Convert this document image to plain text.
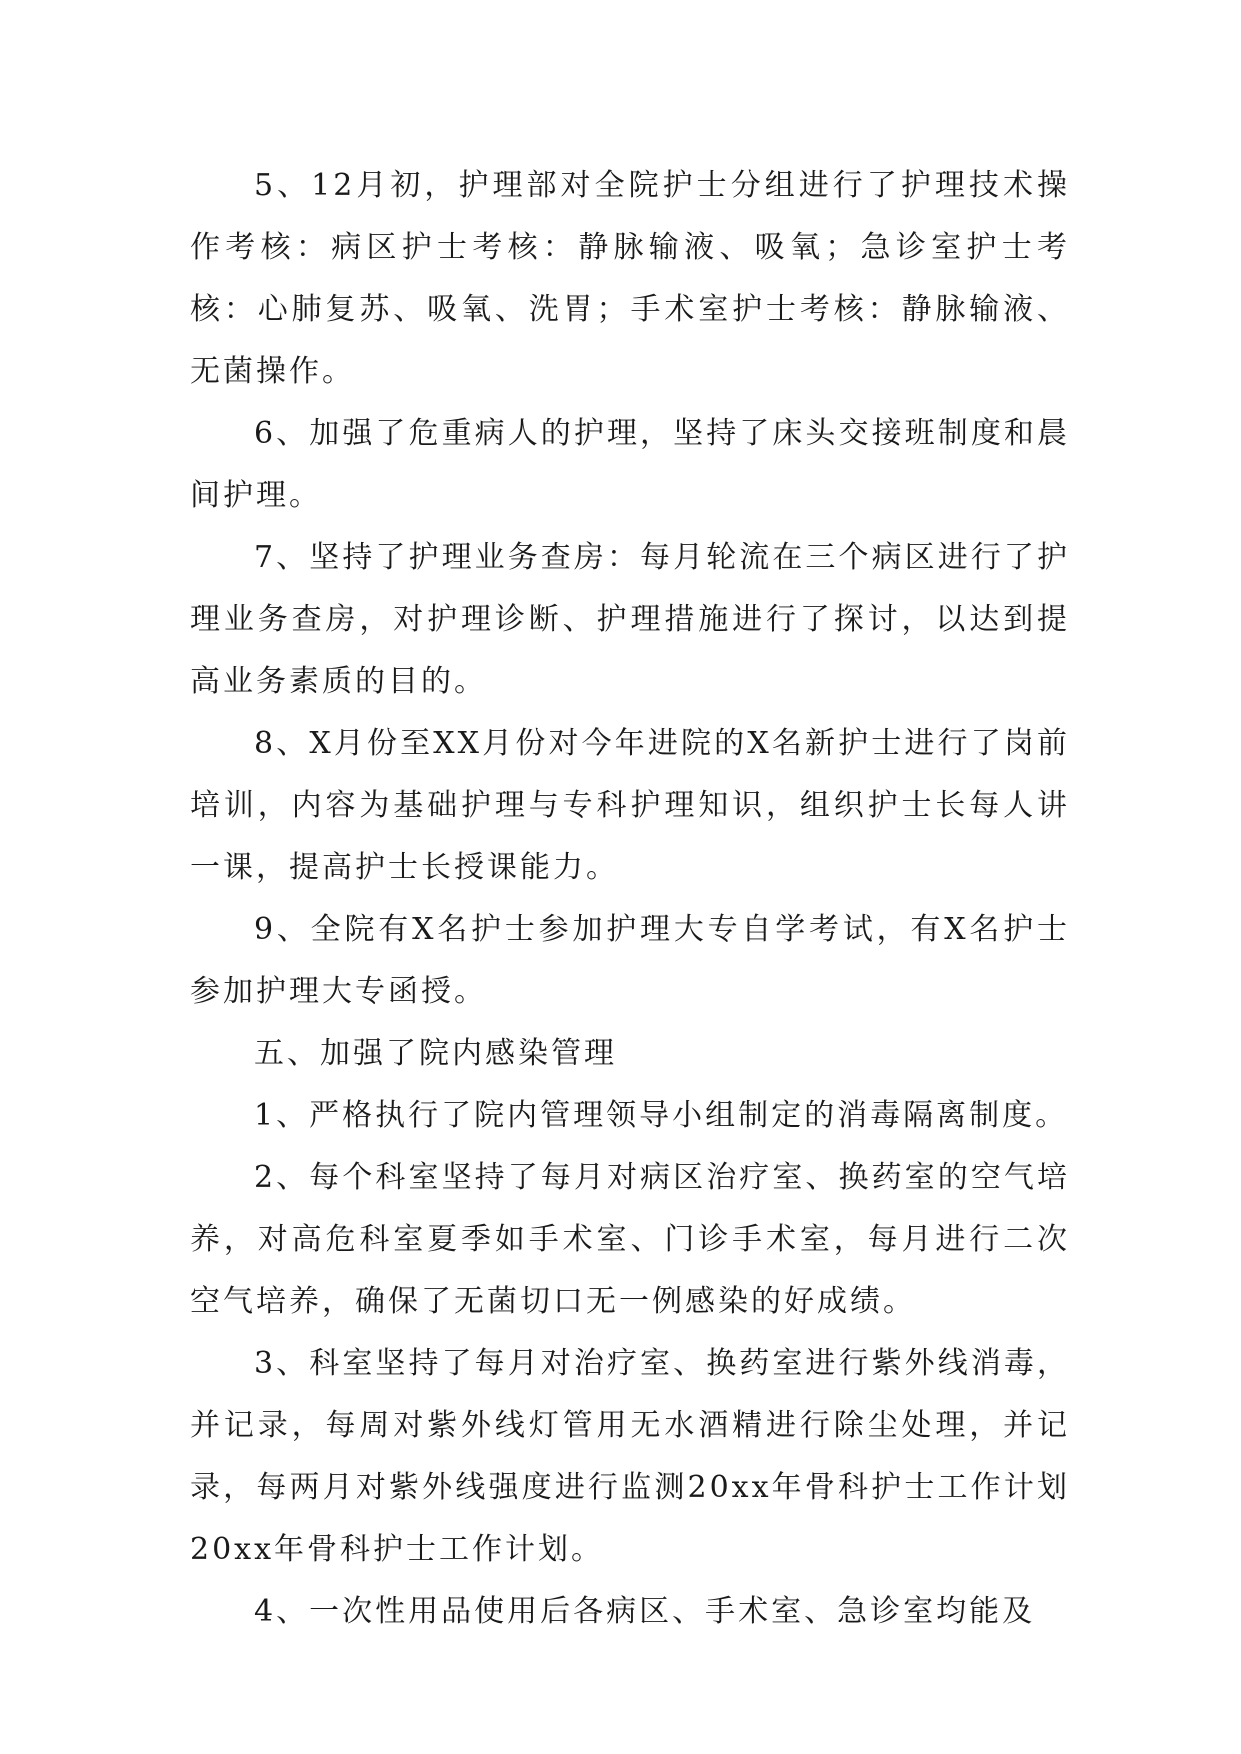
5、12月初，护理部对全院护士分组进行了护理技术操作考核：病区护士考核：静脉输液、吸氧；急诊室护士考核：心肺复苏、吸氧、洗胃；手术室护士考核：静脉输液、无菌操作。

6、加强了危重病人的护理，坚持了床头交接班制度和晨间护理。

7、坚持了护理业务查房：每月轮流在三个病区进行了护理业务查房，对护理诊断、护理措施进行了探讨，以达到提高业务素质的目的。

8、X月份至XX月份对今年进院的X名新护士进行了岗前培训，内容为基础护理与专科护理知识，组织护士长每人讲一课，提高护士长授课能力。

9、全院有X名护士参加护理大专自学考试，有X名护士参加护理大专函授。

五、加强了院内感染管理

1、严格执行了院内管理领导小组制定的消毒隔离制度。

2、每个科室坚持了每月对病区治疗室、换药室的空气培养，对高危科室夏季如手术室、门诊手术室，每月进行二次空气培养，确保了无菌切口无一例感染的好成绩。

3、科室坚持了每月对治疗室、换药室进行紫外线消毒，并记录，每周对紫外线灯管用无水酒精进行除尘处理，并记录，每两月对紫外线强度进行监测20xx年骨科护士工作计划20xx年骨科护士工作计划。

4、一次性用品使用后各病区、手术室、急诊室均能及
